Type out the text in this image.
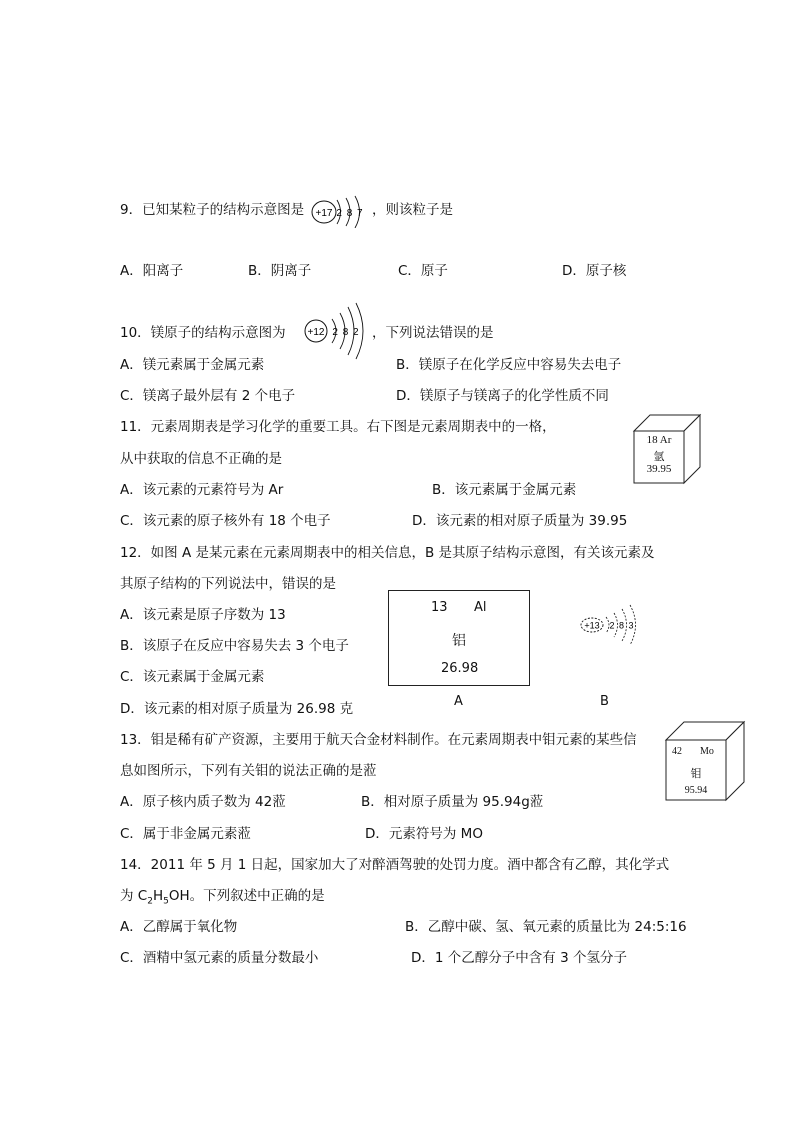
9．已知某粒子的结构示意图是 +17 2 8 7 ，则该粒子是
A．阳离子	B．阴离子	C．原子	D．原子核
10．镁原子的结构示意图为 +12 2 8 2 ，下列说法错误的是
A．镁元素属于金属元素	B．镁原子在化学反应中容易失去电子
C．镁离子最外层有 2 个电子	D．镁原子与镁离子的化学性质不同
11．元素周期表是学习化学的重要工具。右下图是元素周期表中的一格，
从中获取的信息不正确的是
18 Ar
氩
39.95
A．该元素的元素符号为 Ar	B．该元素属于金属元素
C．该元素的原子核外有 18 个电子	D．该元素的相对原子质量为 39.95
12．如图 A 是某元素在元素周期表中的相关信息，B 是其原子结构示意图，有关该元素及
其原子结构的下列说法中，错误的是
A．该元素是原子序数为 13
B．该原子在反应中容易失去 3 个电子
C．该元素属于金属元素
D．该元素的相对原子质量为 26.98 克
13 Al
铝
26.98
A
+13 2 8 3
B
13．钼是稀有矿产资源，主要用于航天合金材料制作。在元素周期表中钼元素的某些信
息如图所示，下列有关钼的说法正确的是蒞
42 Mo
钼
95.94
A．原子核内质子数为 42蒞	B．相对原子质量为 95.94g蒞
C．属于非金属元素蒞	D．元素符号为 MO
14．2011 年 5 月 1 日起，国家加大了对醉酒驾驶的处罚力度。酒中都含有乙醇，其化学式
为 $C_2H_5OH$。下列叙述中正确的是
A．乙醇属于氧化物	B．乙醇中碳、氢、氧元素的质量比为 24:5:16
C．酒精中氢元素的质量分数最小	D．1 个乙醇分子中含有 3 个氢分子
